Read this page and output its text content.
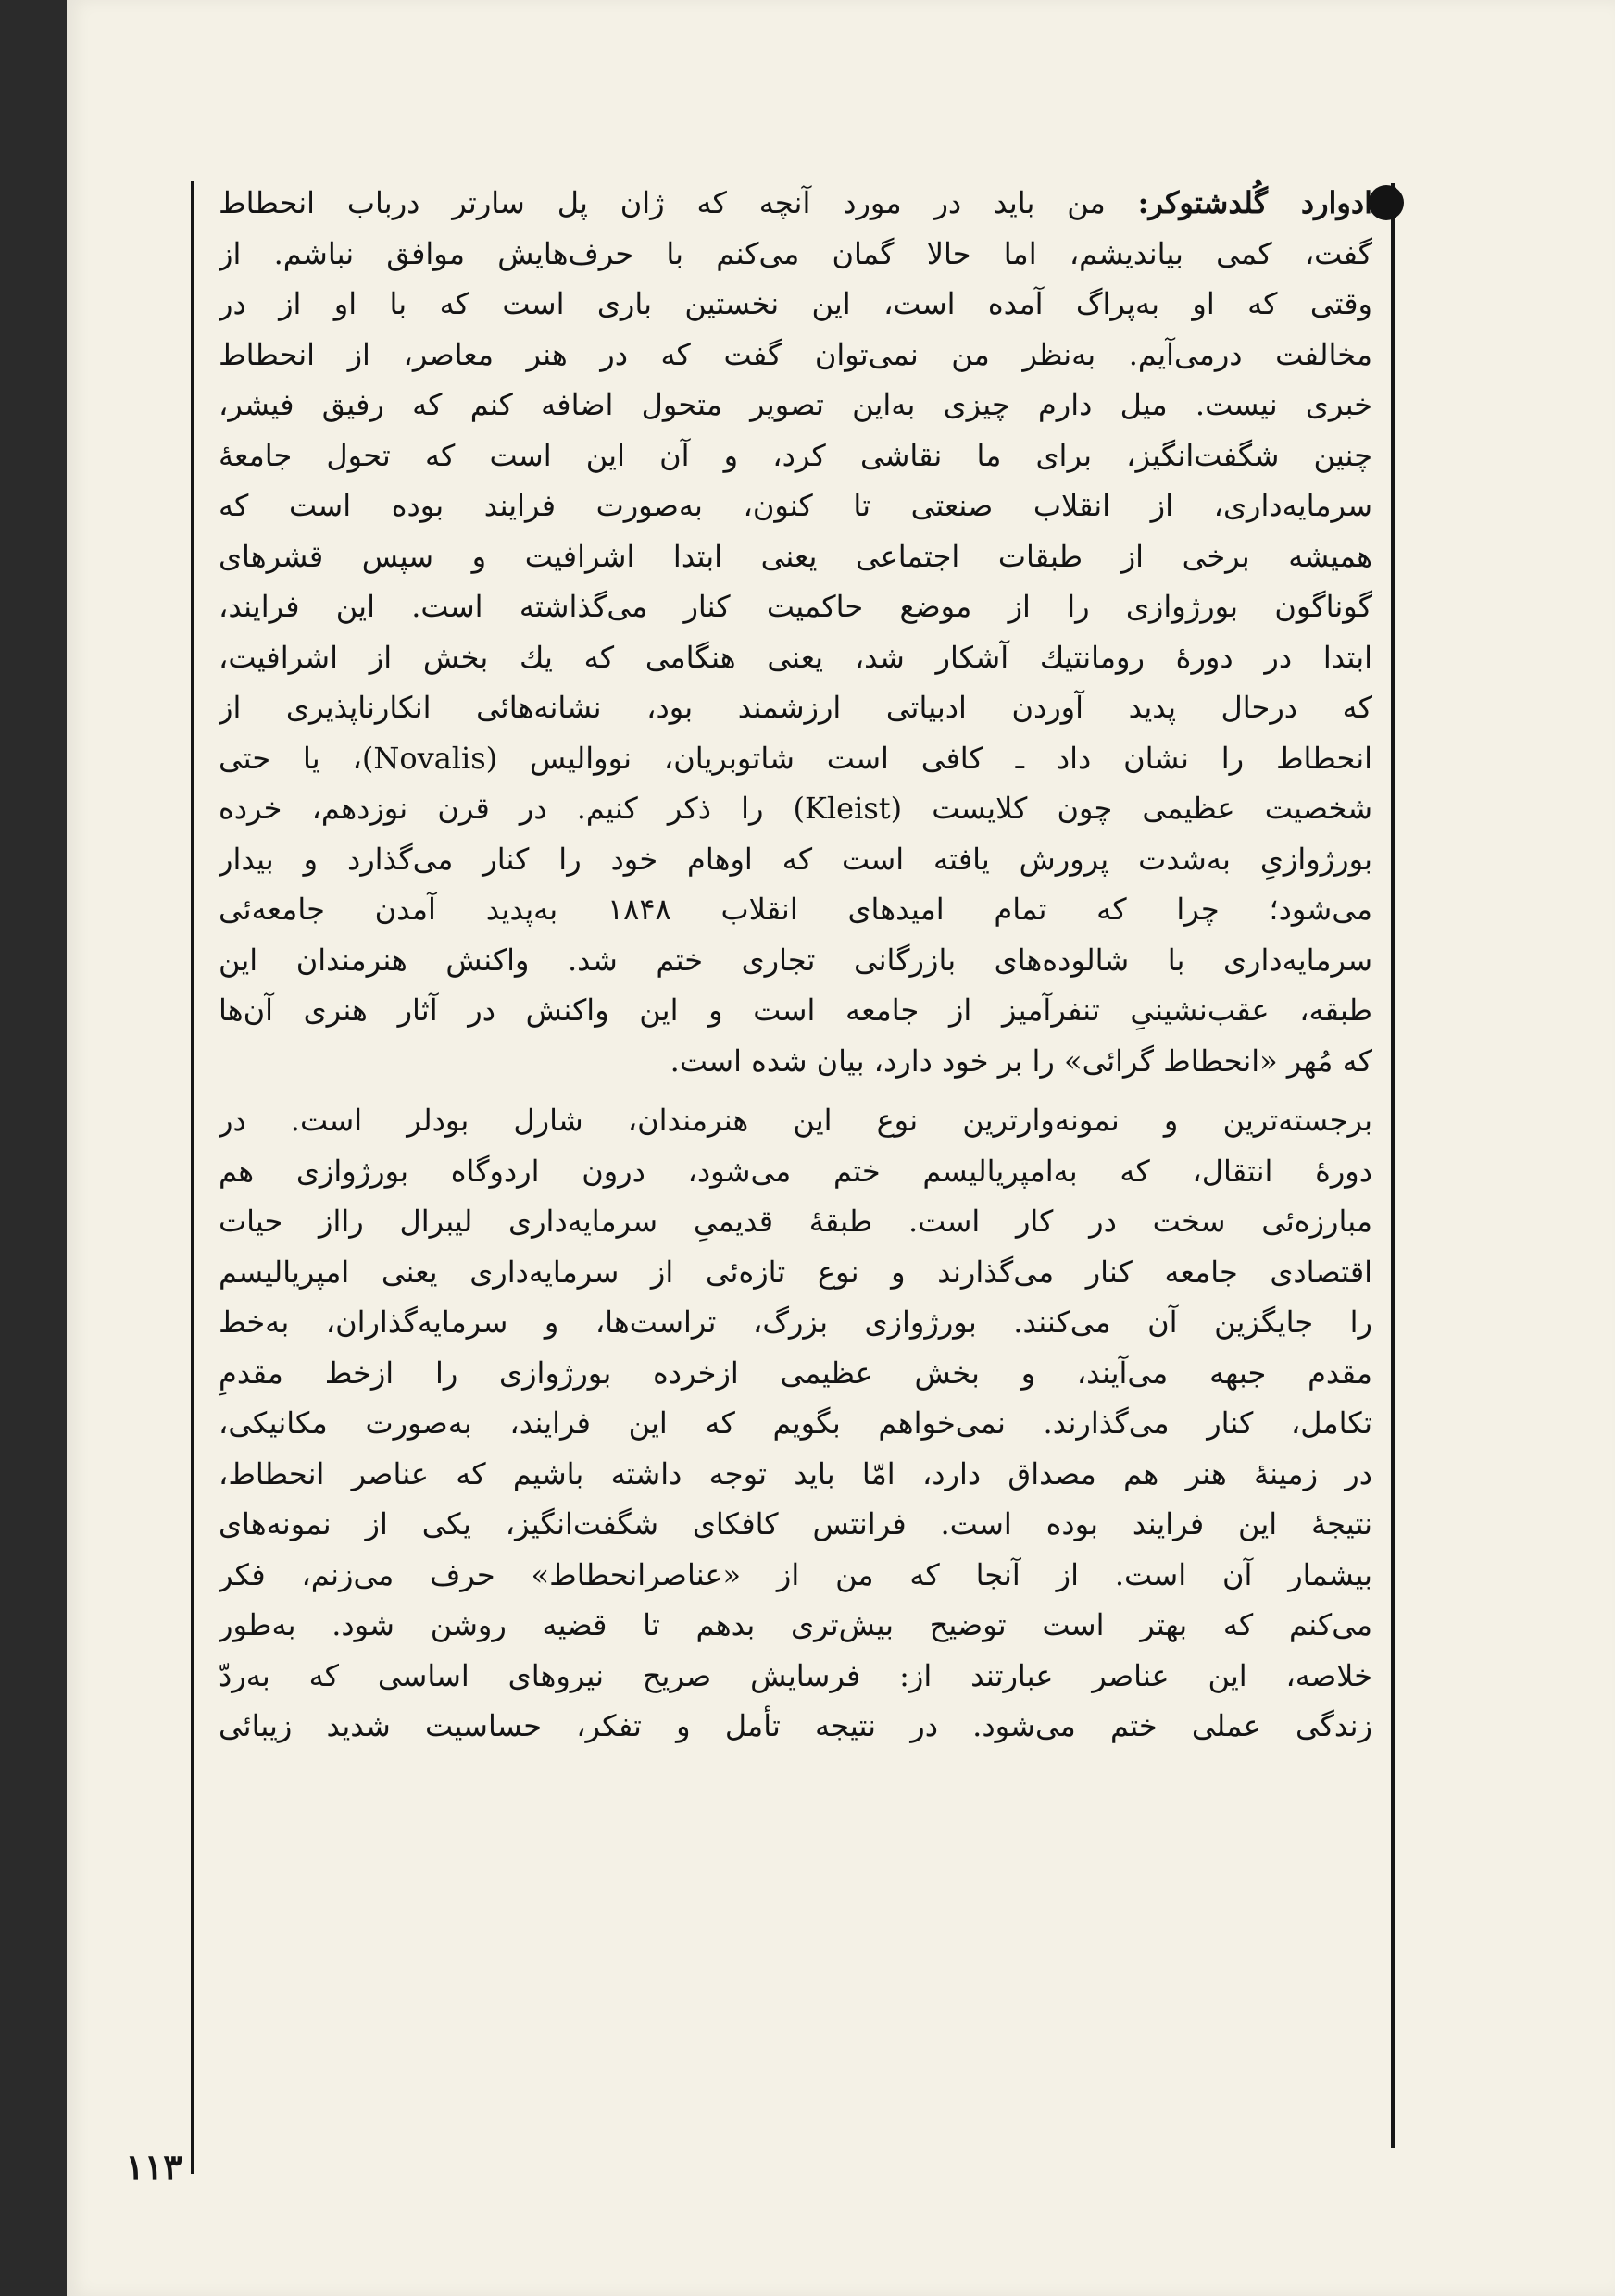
ادوارد گُلدشتوکر: من باید در مورد آنچه که ژان پل سارتر درباب انحطاط
گفت، کمی بیاندیشم، اما حالا گمان می‌کنم با حرف‌هایش موافق نباشم. از
وقتی که او به‌پراگ آمده است، این نخستین باری است که با او از در
مخالفت درمی‌آیم. به‌نظر من نمی‌توان گفت که در هنر معاصر، از انحطاط
خبری نیست. میل دارم چیزی به‌این تصویر متحول اضافه کنم که رفیق فیشر،
چنین شگفت‌انگیز، برای ما نقاشی کرد، و آن این است که تحول جامعهٔ
سرمایه‌داری، از انقلاب صنعتی تا کنون، به‌صورت فرایند بوده است که
همیشه برخی از طبقات اجتماعی یعنی ابتدا اشرافیت و سپس قشرهای
گوناگون بورژوازی را از موضع حاکمیت کنار می‌گذاشته است. این فرایند،
ابتدا در دورهٔ رومانتیك آشکار شد، یعنی هنگامی که یك بخش از اشرافیت،
که درحال پدید آوردن ادبیاتی ارزشمند بود، نشانه‌هائی انکارناپذیری از
انحطاط را نشان داد ـ کافی است شاتوبریان، نووالیس (Novalis)، یا حتی
شخصیت عظیمی چون کلایست (Kleist) را ذکر کنیم. در قرن نوزدهم، خرده
بورژوازیِ به‌شدت پرورش یافته است که اوهام خود را کنار می‌گذارد و بیدار
می‌شود؛ چرا که تمام امیدهای انقلاب ۱۸۴۸ به‌پدید آمدن جامعه‌ئی
سرمایه‌داری با شالوده‌های بازرگانی تجاری ختم شد. واکنش هنرمندان این
طبقه، عقب‌نشینیِ تنفرآمیز از جامعه است و این واکنش در آثار هنری آن‌ها
که مُهر «انحطاط گرائی» را بر خود دارد، بیان شده است.
برجسته‌ترین و نمونه‌وارترین نوع این هنرمندان، شارل بودلر است. در
دورهٔ انتقال، که به‌امپریالیسم ختم می‌شود، درون اردوگاه بورژوازی هم
مبارزه‌ئی سخت در کار است. طبقهٔ قدیمیِ سرمایه‌داری لیبرال رااز حیات
اقتصادی جامعه کنار می‌گذارند و نوع تازه‌ئی از سرمایه‌داری یعنی امپریالیسم
را جایگزین آن می‌کنند. بورژوازی بزرگ، تراست‌ها، و سرمایه‌گذاران، به‌خط
مقدم جبهه می‌آیند، و بخش عظیمی ازخرده بورژوازی را ازخط مقدمِ
تکامل، کنار می‌گذارند. نمی‌خواهم بگویم که این فرایند، به‌صورت مکانیکی،
در زمینهٔ هنر هم مصداق دارد، امّا باید توجه داشته باشیم که عناصر انحطاط،
نتیجهٔ این فرایند بوده است. فرانتس کافکای شگفت‌انگیز، یکی از نمونه‌های
بیشمار آن است. از آنجا که من از «عناصرانحطاط» حرف می‌زنم، فکر
می‌کنم که بهتر است توضیح بیش‌تری بدهم تا قضیه روشن شود. به‌طور
خلاصه، این عناصر عبارتند از: فرسایش صریح نیروهای اساسی که به‌ردّ
زندگی عملی ختم می‌شود. در نتیجه تأمل و تفکر، حساسیت شدید زیبائی
۱۱۳
